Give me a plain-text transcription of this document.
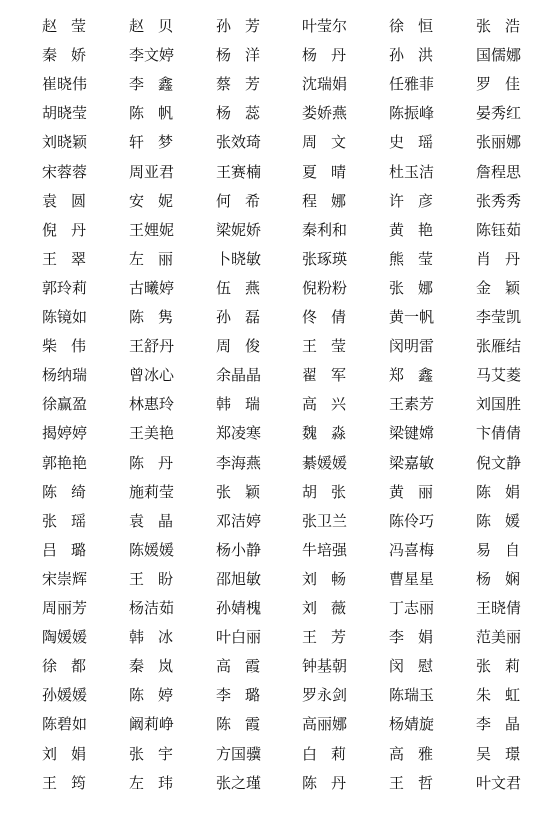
赵莹	赵贝	孙芳	叶莹尔	徐恒	张浩
秦娇	李文婷	杨洋	杨丹	孙洪	国儒娜
崔晓伟	李鑫	蔡芳	沈瑞娟	任雅菲	罗佳
胡晓莹	陈帆	杨蕊	娄娇燕	陈振峰	晏秀红
刘晓颖	轩梦	张效琦	周文	史瑶	张丽娜
宋蓉蓉	周亚君	王赛楠	夏晴	杜玉洁	詹程思
袁圆	安妮	何希	程娜	许彦	张秀秀
倪丹	王娌妮	梁妮娇	秦利和	黄艳	陈钰茹
王翠	左丽	卜晓敏	张琢瑛	熊莹	肖丹
郭玲莉	古曦婷	伍燕	倪粉粉	张娜	金颖
陈镜如	陈隽	孙磊	佟倩	黄一帆	李莹凯
柴伟	王舒丹	周俊	王莹	闵明雷	张雁结
杨纳瑞	曾冰心	余晶晶	翟军	郑鑫	马艾菱
徐赢盈	林惠玲	韩瑞	高兴	王素芳	刘国胜
揭婷婷	王美艳	郑凌寒	魏淼	梁键嫦	卞倩倩
郭艳艳	陈丹	李海燕	綦媛媛	梁嘉敏	倪文静
陈绮	施莉莹	张颖	胡张	黄丽	陈娟
张瑶	袁晶	邓洁婷	张卫兰	陈伶巧	陈媛
吕璐	陈媛媛	杨小静	牛培强	冯喜梅	易自
宋崇辉	王盼	邵旭敏	刘畅	曹星星	杨娴
周丽芳	杨洁茹	孙婧槐	刘薇	丁志丽	王晓倩
陶媛媛	韩冰	叶白丽	王芳	李娟	范美丽
徐都	秦岚	高霞	钟基朝	闵慰	张莉
孙媛媛	陈婷	李璐	罗永剑	陈瑞玉	朱虹
陈碧如	阚莉峥	陈霞	高丽娜	杨婧旋	李晶
刘娟	张宇	方国骥	白莉	高雅	吴璟
王筠	左玮	张之瑾	陈丹	王哲	叶文君
